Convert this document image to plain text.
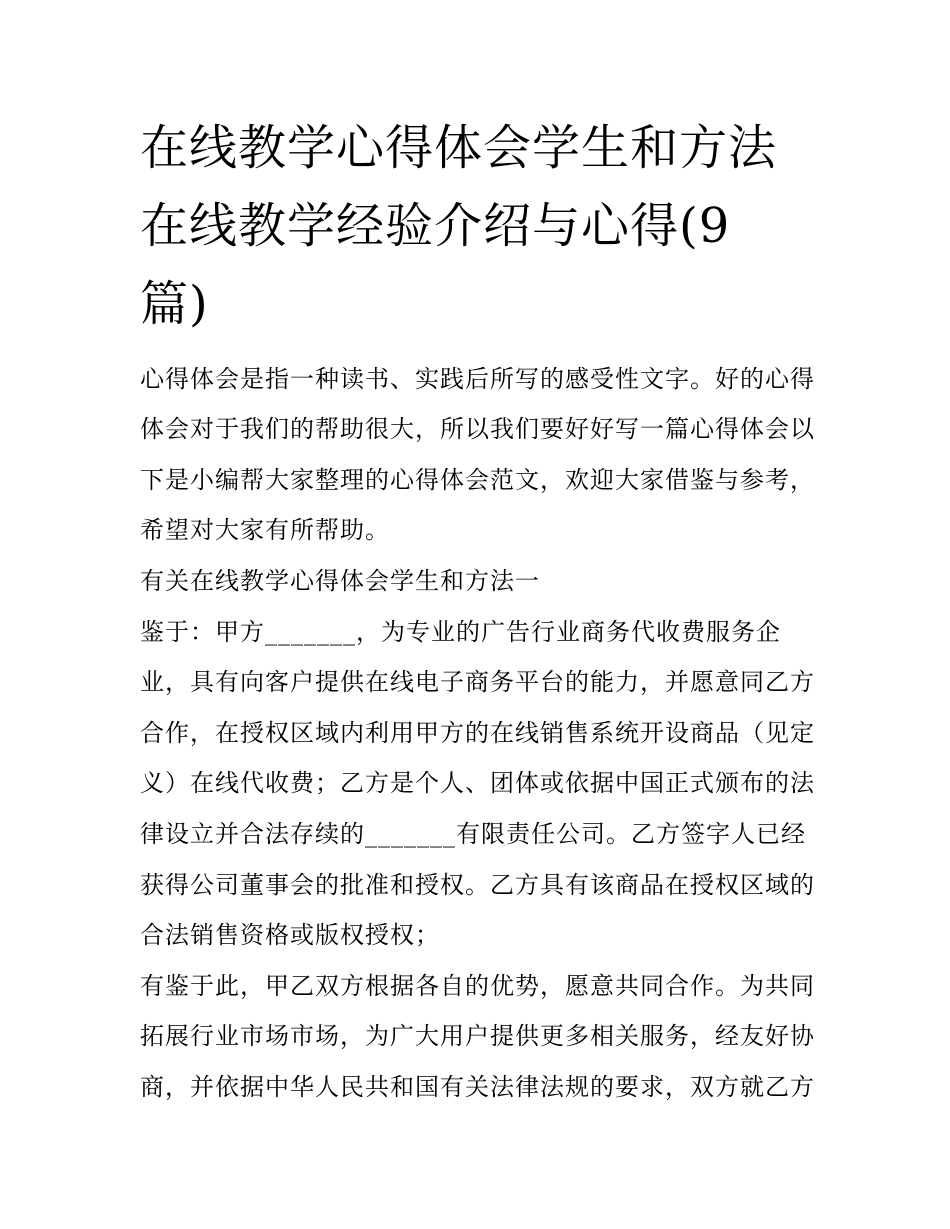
在线教学心得体会学生和方法
在线教学经验介绍与心得(9
篇)
心得体会是指一种读书、实践后所写的感受性文字。好的心得
体会对于我们的帮助很大，所以我们要好好写一篇心得体会以
下是小编帮大家整理的心得体会范文，欢迎大家借鉴与参考，
希望对大家有所帮助。
有关在线教学心得体会学生和方法一
鉴于：甲方_______，为专业的广告行业商务代收费服务企
业，具有向客户提供在线电子商务平台的能力，并愿意同乙方
合作，在授权区域内利用甲方的在线销售系统开设商品（见定
义）在线代收费；乙方是个人、团体或依据中国正式颁布的法
律设立并合法存续的_______有限责任公司。乙方签字人已经
获得公司董事会的批准和授权。乙方具有该商品在授权区域的
合法销售资格或版权授权；
有鉴于此，甲乙双方根据各自的优势，愿意共同合作。为共同
拓展行业市场市场，为广大用户提供更多相关服务，经友好协
商，并依据中华人民共和国有关法律法规的要求，双方就乙方
